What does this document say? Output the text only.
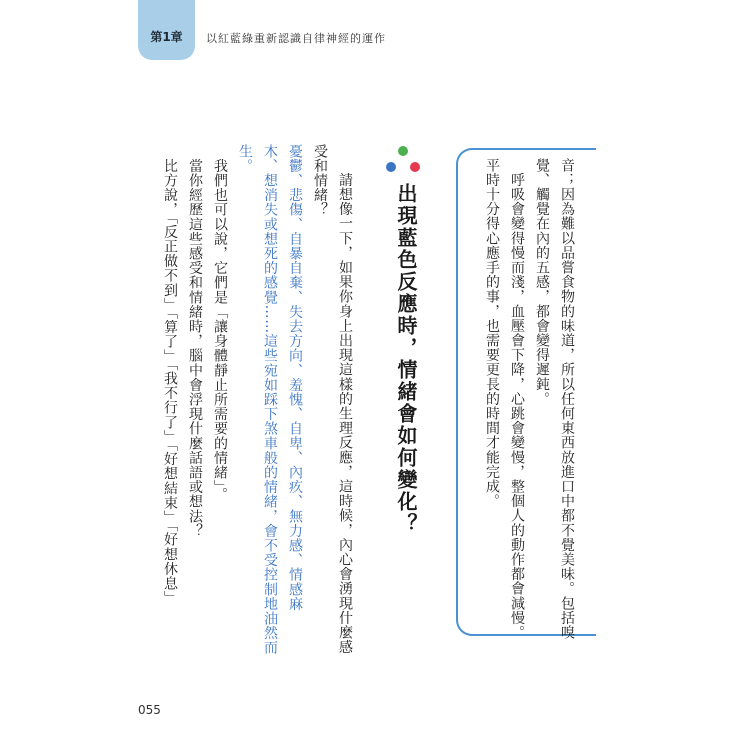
第1章 以紅藍綠重新認識自律神經的運作
音；因為難以品嘗食物的味道，所以任何東西放進口中都不覺美味。包括嗅
覺、觸覺在內的五感，都會變得遲鈍。
　呼吸會變得慢而淺，血壓會下降，心跳會變慢，整個人的動作都會減慢。
平時十分得心應手的事，也需要更長的時間才能完成。
出現藍色反應時，情緒會如何變化？
　請想像一下，如果你身上出現這樣的生理反應，這時候，內心會湧現什麼感
受和情緒？
憂鬱、悲傷、自暴自棄、失去方向、羞愧、自卑、內疚、無力感、情感麻
木、想消失或想死的感覺……這些宛如踩下煞車般的情緒，會不受控制地油然而
生。
　我們也可以說，它們是「讓身體靜止所需要的情緒」。
　當你經歷這些感受和情緒時，腦中會浮現什麼話語或想法？
　比方說，「反正做不到」「算了」「我不行了」「好想結束」「好想休息」
055
